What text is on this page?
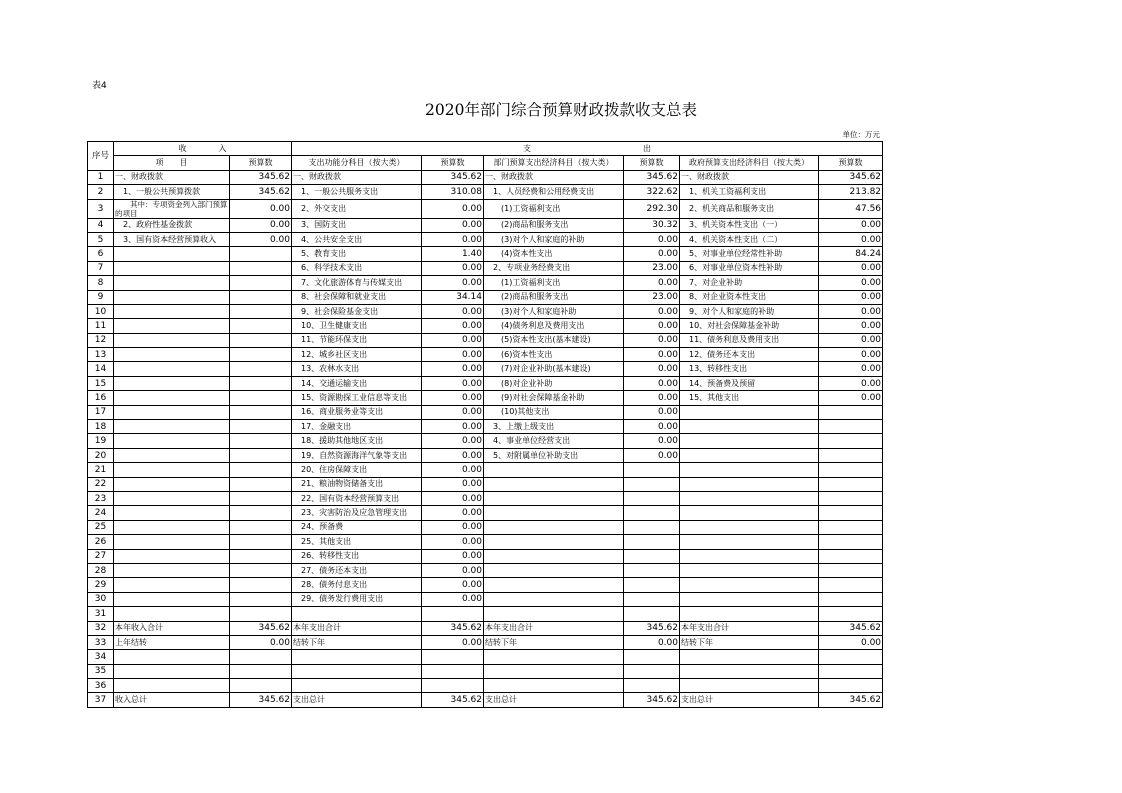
表4
2020年部门综合预算财政拨款收支总表
单位：万元
序号	收　　　　入		支　　　　　　　　　　　　　　出					
	项　　目	预算数	支出功能分科目（按大类）	预算数	部门预算支出经济科目（按大类）	预算数	政府预算支出经济科目（按大类）	预算数
1	一、财政拨款	345.62	一、财政拨款	345.62	一、财政拨款	345.62	一、财政拨款	345.62
2	　1、一般公共预算拨款	345.62	　1、一般公共服务支出	310.08	　1、人员经费和公用经费支出	322.62	　1、机关工资福利支出	213.82
3	　　其中：专项资金列入部门预算的项目	0.00	　2、外交支出	0.00	　　(1)工资福利支出	292.30	　2、机关商品和服务支出	47.56
4	　2、政府性基金拨款	0.00	　3、国防支出	0.00	　　(2)商品和服务支出	30.32	　3、机关资本性支出（一）	0.00
5	　3、国有资本经营预算收入	0.00	　4、公共安全支出	0.00	　　(3)对个人和家庭的补助	0.00	　4、机关资本性支出（二）	0.00
6			　5、教育支出	1.40	　　(4)资本性支出	0.00	　5、对事业单位经常性补助	84.24
7			　6、科学技术支出	0.00	　2、专项业务经费支出	23.00	　6、对事业单位资本性补助	0.00
8			　7、文化旅游体育与传媒支出	0.00	　　(1)工资福利支出	0.00	　7、对企业补助	0.00
9			　8、社会保障和就业支出	34.14	　　(2)商品和服务支出	23.00	　8、对企业资本性支出	0.00
10			　9、社会保险基金支出	0.00	　　(3)对个人和家庭补助	0.00	　9、对个人和家庭的补助	0.00
11			　10、卫生健康支出	0.00	　　(4)债务利息及费用支出	0.00	　10、对社会保障基金补助	0.00
12			　11、节能环保支出	0.00	　　(5)资本性支出(基本建设)	0.00	　11、债务利息及费用支出	0.00
13			　12、城乡社区支出	0.00	　　(6)资本性支出	0.00	　12、债务还本支出	0.00
14			　13、农林水支出	0.00	　　(7)对企业补助(基本建设)	0.00	　13、转移性支出	0.00
15			　14、交通运输支出	0.00	　　(8)对企业补助	0.00	　14、预备费及预留	0.00
16			　15、资源勘探工业信息等支出	0.00	　　(9)对社会保障基金补助	0.00	　15、其他支出	0.00
17			　16、商业服务业等支出	0.00	　　(10)其他支出	0.00		
18			　17、金融支出	0.00	　3、上缴上级支出	0.00		
19			　18、援助其他地区支出	0.00	　4、事业单位经营支出	0.00		
20			　19、自然资源海洋气象等支出	0.00	　5、对附属单位补助支出	0.00		
21			　20、住房保障支出	0.00				
22			　21、粮油物资储备支出	0.00				
23			　22、国有资本经营预算支出	0.00				
24			　23、灾害防治及应急管理支出	0.00				
25			　24、预备费	0.00				
26			　25、其他支出	0.00				
27			　26、转移性支出	0.00				
28			　27、债务还本支出	0.00				
29			　28、债务付息支出	0.00				
30			　29、债务发行费用支出	0.00				
31								
32	本年收入合计	345.62	本年支出合计	345.62	本年支出合计	345.62	本年支出合计	345.62
33	上年结转	0.00	结转下年	0.00	结转下年	0.00	结转下年	0.00
34								
35								
36								
37	收入总计	345.62	支出总计	345.62	支出总计	345.62	支出总计	345.62
